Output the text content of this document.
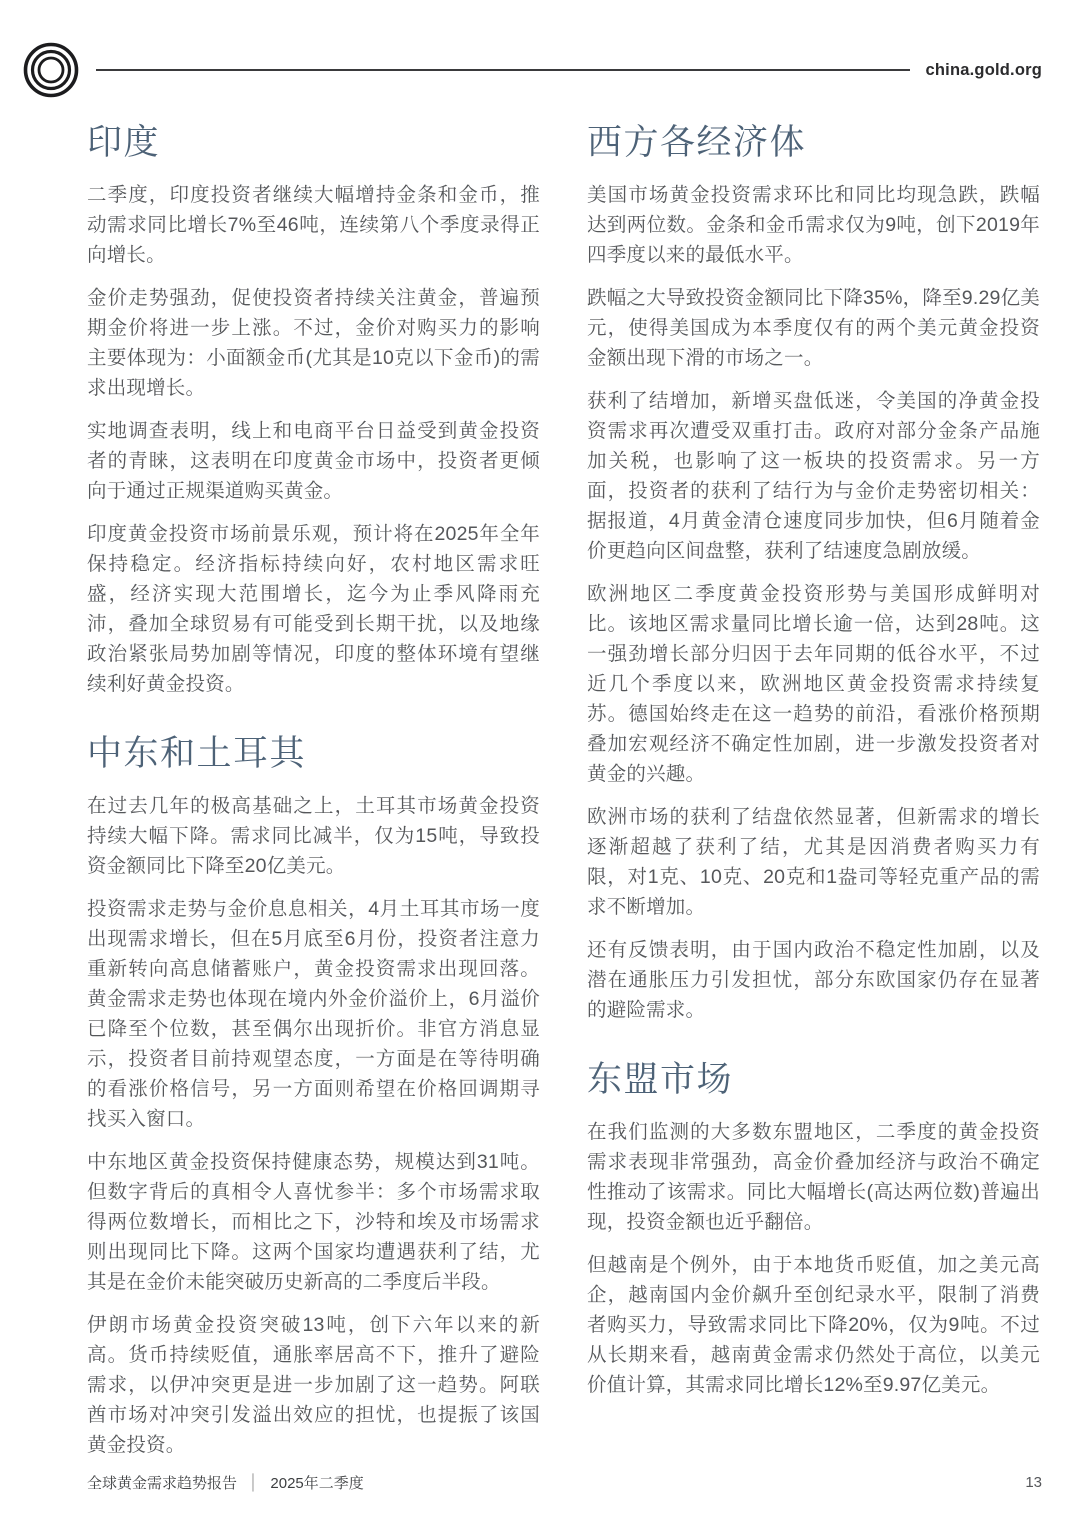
china.gold.org
印度

二季度，印度投资者继续大幅增持金条和金币，推动需求同比增长7%至46吨，连续第八个季度录得正向增长。

金价走势强劲，促使投资者持续关注黄金，普遍预期金价将进一步上涨。不过，金价对购买力的影响主要体现为：小面额金币(尤其是10克以下金币)的需求出现增长。

实地调查表明，线上和电商平台日益受到黄金投资者的青睐，这表明在印度黄金市场中，投资者更倾向于通过正规渠道购买黄金。

印度黄金投资市场前景乐观，预计将在2025年全年保持稳定。经济指标持续向好，农村地区需求旺盛，经济实现大范围增长，迄今为止季风降雨充沛，叠加全球贸易有可能受到长期干扰，以及地缘政治紧张局势加剧等情况，印度的整体环境有望继续利好黄金投资。

中东和土耳其

在过去几年的极高基础之上，土耳其市场黄金投资持续大幅下降。需求同比减半，仅为15吨，导致投资金额同比下降至20亿美元。

投资需求走势与金价息息相关，4月土耳其市场一度出现需求增长，但在5月底至6月份，投资者注意力重新转向高息储蓄账户，黄金投资需求出现回落。黄金需求走势也体现在境内外金价溢价上，6月溢价已降至个位数，甚至偶尔出现折价。非官方消息显示，投资者目前持观望态度，一方面是在等待明确的看涨价格信号，另一方面则希望在价格回调期寻找买入窗口。

中东地区黄金投资保持健康态势，规模达到31吨。但数字背后的真相令人喜忧参半：多个市场需求取得两位数增长，而相比之下，沙特和埃及市场需求则出现同比下降。这两个国家均遭遇获利了结，尤其是在金价未能突破历史新高的二季度后半段。

伊朗市场黄金投资突破13吨，创下六年以来的新高。货币持续贬值，通胀率居高不下，推升了避险需求，以伊冲突更是进一步加剧了这一趋势。阿联酋市场对冲突引发溢出效应的担忧，也提振了该国黄金投资。

西方各经济体

美国市场黄金投资需求环比和同比均现急跌，跌幅达到两位数。金条和金币需求仅为9吨，创下2019年四季度以来的最低水平。

跌幅之大导致投资金额同比下降35%，降至9.29亿美元，使得美国成为本季度仅有的两个美元黄金投资金额出现下滑的市场之一。

获利了结增加，新增买盘低迷，令美国的净黄金投资需求再次遭受双重打击。政府对部分金条产品施加关税，也影响了这一板块的投资需求。另一方面，投资者的获利了结行为与金价走势密切相关：据报道，4月黄金清仓速度同步加快，但6月随着金价更趋向区间盘整，获利了结速度急剧放缓。

欧洲地区二季度黄金投资形势与美国形成鲜明对比。该地区需求量同比增长逾一倍，达到28吨。这一强劲增长部分归因于去年同期的低谷水平，不过近几个季度以来，欧洲地区黄金投资需求持续复苏。德国始终走在这一趋势的前沿，看涨价格预期叠加宏观经济不确定性加剧，进一步激发投资者对黄金的兴趣。

欧洲市场的获利了结盘依然显著，但新需求的增长逐渐超越了获利了结，尤其是因消费者购买力有限，对1克、10克、20克和1盎司等轻克重产品的需求不断增加。

还有反馈表明，由于国内政治不稳定性加剧，以及潜在通胀压力引发担忧，部分东欧国家仍存在显著的避险需求。

东盟市场

在我们监测的大多数东盟地区，二季度的黄金投资需求表现非常强劲，高金价叠加经济与政治不确定性推动了该需求。同比大幅增长(高达两位数)普遍出现，投资金额也近乎翻倍。

但越南是个例外，由于本地货币贬值，加之美元高企，越南国内金价飙升至创纪录水平，限制了消费者购买力，导致需求同比下降20%，仅为9吨。不过从长期来看，越南黄金需求仍然处于高位，以美元价值计算，其需求同比增长12%至9.97亿美元。

全球黄金需求趋势报告 │ 2025年二季度	13
